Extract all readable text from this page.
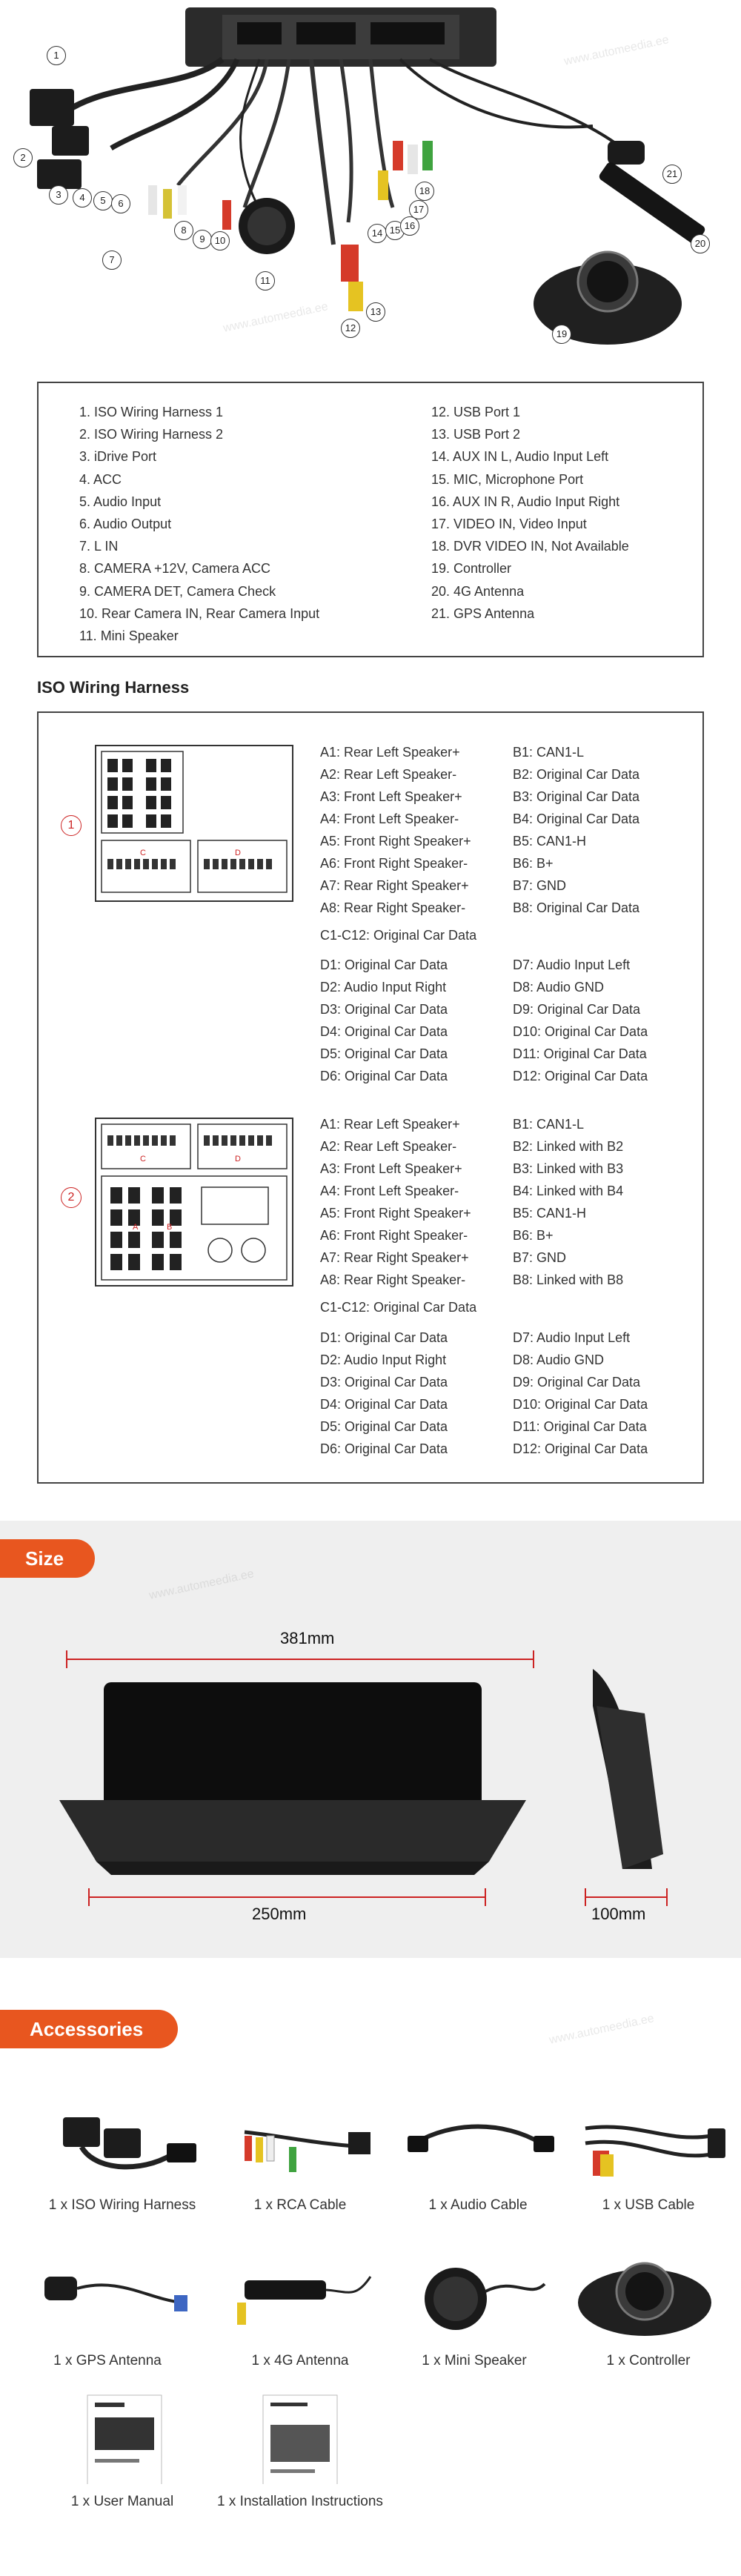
1
2
3	4	5	6
7
8
9	10
11
12
13
14 15 16
17
18
19
20
21
1. ISO Wiring Harness 1
2. ISO Wiring Harness 2
3. iDrive Port
4. ACC
5. Audio Input
6. Audio Output
7. L IN
8. CAMERA +12V, Camera ACC
9. CAMERA DET, Camera Check
10. Rear Camera IN, Rear Camera Input
11. Mini Speaker
12. USB Port 1
13. USB Port 2
14. AUX IN L, Audio Input Left
15. MIC, Microphone Port
16. AUX IN R, Audio Input Right
17. VIDEO IN, Video Input
18. DVR VIDEO IN, Not Available
19. Controller
20. 4G Antenna
21. GPS Antenna
ISO Wiring Harness
1
C	D
A1: Rear Left Speaker+
A2: Rear Left Speaker-
A3: Front Left Speaker+
A4: Front Left Speaker-
A5: Front Right Speaker+
A6: Front Right Speaker-
A7: Rear Right Speaker+
A8: Rear Right Speaker-
B1: CAN1-L
B2: Original Car Data
B3: Original Car Data
B4: Original Car Data
B5: CAN1-H
B6: B+
B7: GND
B8: Original Car Data
C1-C12: Original Car Data
D1: Original Car Data
D2: Audio Input Right
D3: Original Car Data
D4: Original Car Data
D5: Original Car Data
D6: Original Car Data
D7: Audio Input Left
D8: Audio GND
D9: Original Car Data
D10: Original Car Data
D11: Original Car Data
D12: Original Car Data
2
C	D
A	B
A1: Rear Left Speaker+
A2: Rear Left Speaker-
A3: Front Left Speaker+
A4: Front Left Speaker-
A5: Front Right Speaker+
A6: Front Right Speaker-
A7: Rear Right Speaker+
A8: Rear Right Speaker-
B1: CAN1-L
B2: Linked with B2
B3: Linked with B3
B4: Linked with B4
B5: CAN1-H
B6: B+
B7: GND
B8: Linked with B8
C1-C12: Original Car Data
D1: Original Car Data
D2: Audio Input Right
D3: Original Car Data
D4: Original Car Data
D5: Original Car Data
D6: Original Car Data
D7: Audio Input Left
D8: Audio GND
D9: Original Car Data
D10: Original Car Data
D11: Original Car Data
D12: Original Car Data
Size
381mm
250mm	100mm
Accessories
1 x ISO Wiring Harness	1 x RCA Cable	1 x Audio Cable	1 x USB Cable
1 x GPS Antenna	1 x 4G Antenna	1 x Mini Speaker	1 x Controller
1 x User Manual	1 x Installation Instructions
www.automeedia.ee
www.automeedia.ee
www.automeedia.ee
www.automeedia.ee
